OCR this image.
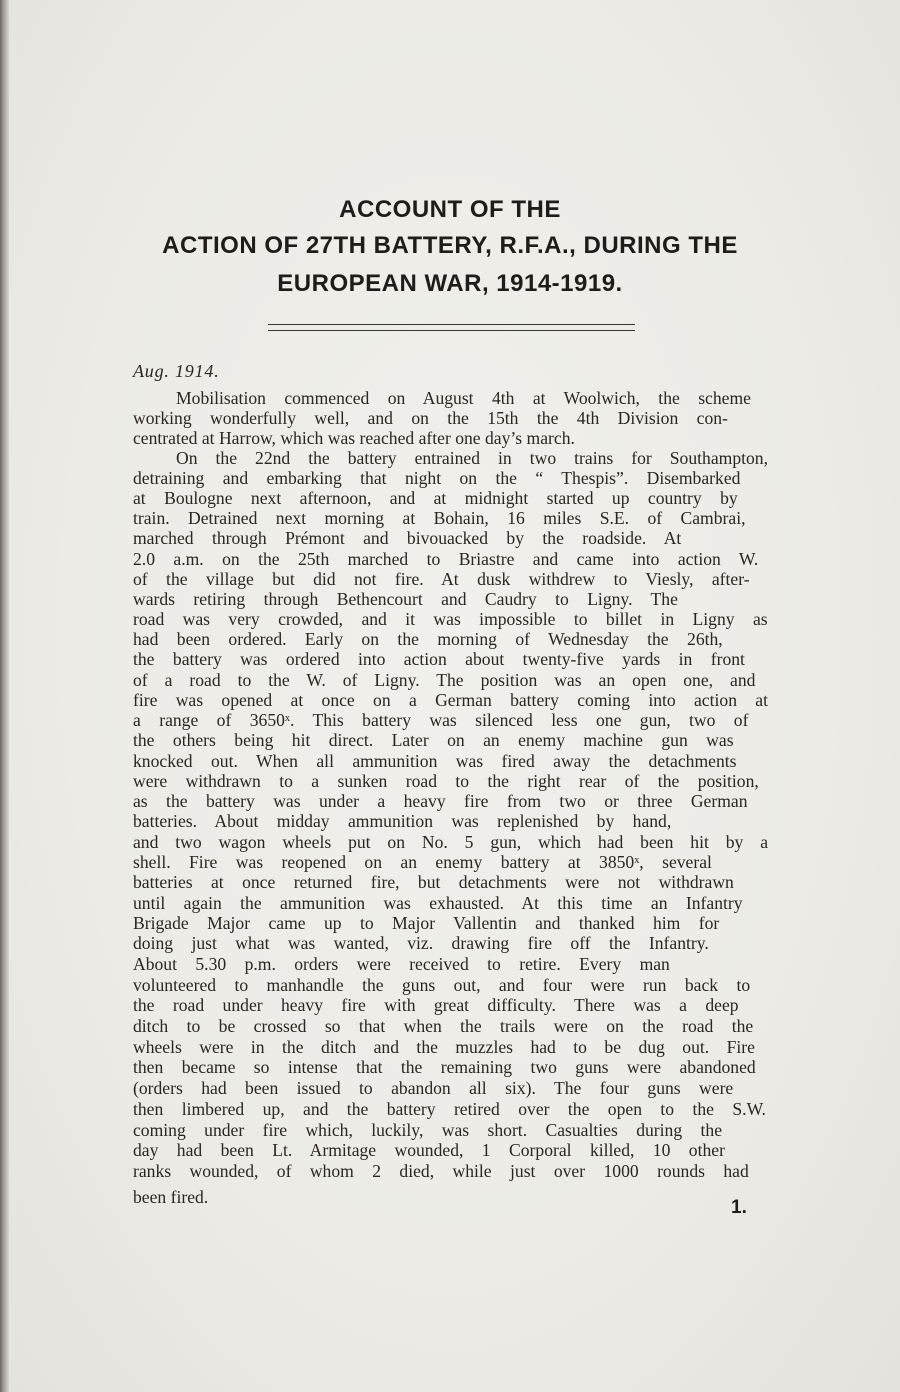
ACCOUNT OF THE
ACTION OF 27TH BATTERY, R.F.A., DURING THE
EUROPEAN WAR, 1914-1919.
Aug. 1914.
Mobilisation commenced on August 4th at Woolwich, the scheme
working wonderfully well, and on the 15th the 4th Division con-
centrated at Harrow, which was reached after one day’s march.
On the 22nd the battery entrained in two trains for Southampton,
detraining and embarking that night on the “ Thespis”. Disembarked
at Boulogne next afternoon, and at midnight started up country by
train. Detrained next morning at Bohain, 16 miles S.E. of Cambrai,
marched through Prémont and bivouacked by the roadside. At
2.0 a.m. on the 25th marched to Briastre and came into action W.
of the village but did not fire. At dusk withdrew to Viesly, after-
wards retiring through Bethencourt and Caudry to Ligny. The
road was very crowded, and it was impossible to billet in Ligny as
had been ordered. Early on the morning of Wednesday the 26th,
the battery was ordered into action about twenty-five yards in front
of a road to the W. of Ligny. The position was an open one, and
fire was opened at once on a German battery coming into action at
a range of 3650ˣ. This battery was silenced less one gun, two of
the others being hit direct. Later on an enemy machine gun was
knocked out. When all ammunition was fired away the detachments
were withdrawn to a sunken road to the right rear of the position,
as the battery was under a heavy fire from two or three German
batteries. About midday ammunition was replenished by hand,
and two wagon wheels put on No. 5 gun, which had been hit by a
shell. Fire was reopened on an enemy battery at 3850ˣ, several
batteries at once returned fire, but detachments were not withdrawn
until again the ammunition was exhausted. At this time an Infantry
Brigade Major came up to Major Vallentin and thanked him for
doing just what was wanted, viz. drawing fire off the Infantry.
About 5.30 p.m. orders were received to retire. Every man
volunteered to manhandle the guns out, and four were run back to
the road under heavy fire with great difficulty. There was a deep
ditch to be crossed so that when the trails were on the road the
wheels were in the ditch and the muzzles had to be dug out. Fire
then became so intense that the remaining two guns were abandoned
(orders had been issued to abandon all six). The four guns were
then limbered up, and the battery retired over the open to the S.W.
coming under fire which, luckily, was short. Casualties during the
day had been Lt. Armitage wounded, 1 Corporal killed, 10 other
ranks wounded, of whom 2 died, while just over 1000 rounds had
been fired.	1.
